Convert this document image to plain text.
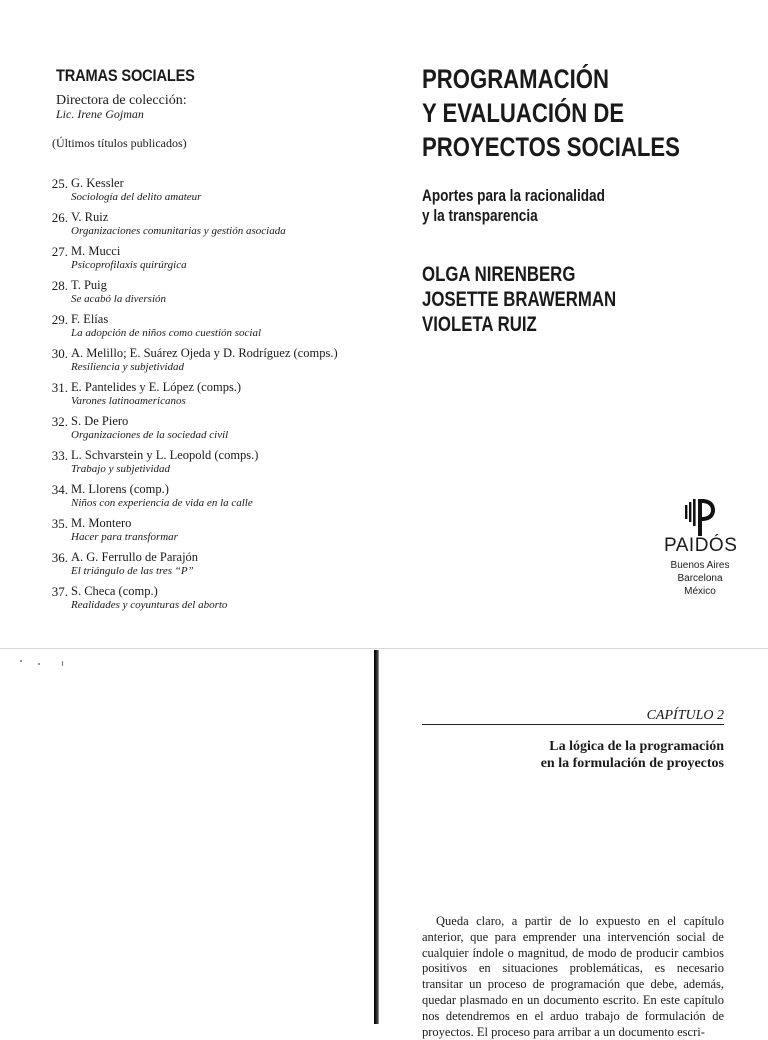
TRAMAS SOCIALES
Directora de colección:
Lic. Irene Gojman
(Últimos títulos publicados)
25. G. Kessler
Sociología del delito amateur
26. V. Ruiz
Organizaciones comunitarias y gestión asociada
27. M. Mucci
Psicoprofilaxis quirúrgica
28. T. Puig
Se acabó la diversión
29. F. Elías
La adopción de niños como cuestión social
30. A. Melillo; E. Suárez Ojeda y D. Rodríguez (comps.)
Resiliencia y subjetividad
31. E. Pantelides y E. López (comps.)
Varones latinoamericanos
32. S. De Piero
Organizaciones de la sociedad civil
33. L. Schvarstein y L. Leopold (comps.)
Trabajo y subjetividad
34. M. Llorens (comp.)
Niños con experiencia de vida en la calle
35. M. Montero
Hacer para transformar
36. A. G. Ferrullo de Parajón
El triángulo de las tres “P”
37. S. Checa (comp.)
Realidades y coyunturas del aborto
PROGRAMACIÓN
Y EVALUACIÓN DE
PROYECTOS SOCIALES
Aportes para la racionalidad
y la transparencia
OLGA NIRENBERG
JOSETTE BRAWERMAN
VIOLETA RUIZ
PAIDÓS
Buenos Aires
Barcelona
México
CAPÍTULO 2
La lógica de la programación
en la formulación de proyectos

Queda claro, a partir de lo expuesto en el capítulo anterior, que para emprender una intervención social de cualquier índole o magnitud, de modo de producir cambios positivos en situaciones problemáticas, es necesario transitar un proceso de programación que debe, además, quedar plasmado en un documento escrito. En este capítulo nos detendremos en el arduo trabajo de formulación de proyectos. El proceso para arribar a un documento escri-
